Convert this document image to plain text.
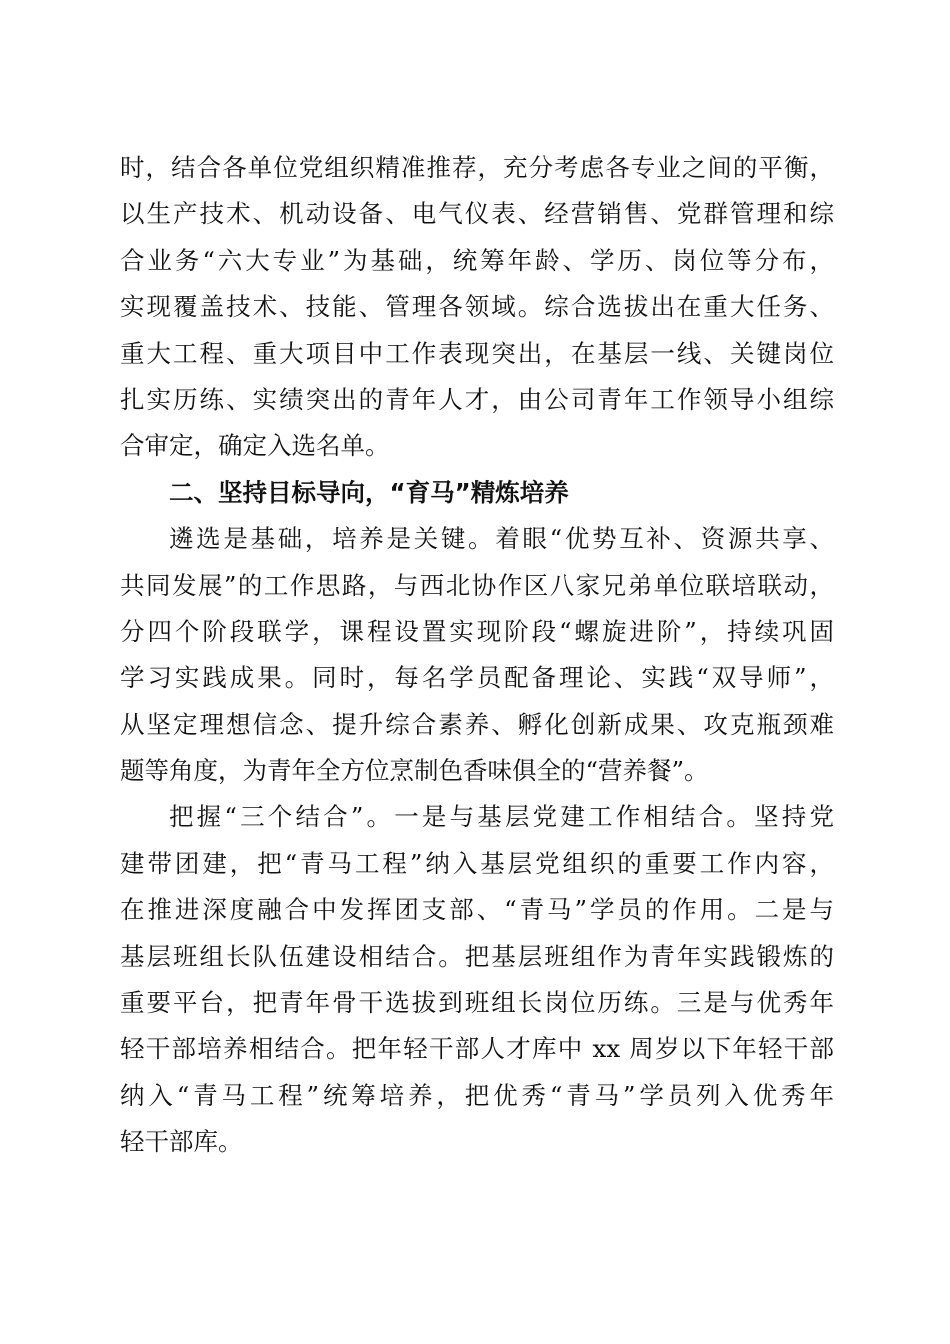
时，结合各单位党组织精准推荐，充分考虑各专业之间的平衡，
以生产技术、机动设备、电气仪表、经营销售、党群管理和综
合业务“六大专业”为基础，统筹年龄、学历、岗位等分布，
实现覆盖技术、技能、管理各领域。综合选拔出在重大任务、
重大工程、重大项目中工作表现突出，在基层一线、关键岗位
扎实历练、实绩突出的青年人才，由公司青年工作领导小组综
合审定，确定入选名单。
二、坚持目标导向，“育马”精炼培养
遴选是基础，培养是关键。着眼“优势互补、资源共享、
共同发展”的工作思路，与西北协作区八家兄弟单位联培联动，
分四个阶段联学，课程设置实现阶段“螺旋进阶”，持续巩固
学习实践成果。同时，每名学员配备理论、实践“双导师”，
从坚定理想信念、提升综合素养、孵化创新成果、攻克瓶颈难
题等角度，为青年全方位烹制色香味俱全的“营养餐”。
把握“三个结合”。一是与基层党建工作相结合。坚持党
建带团建，把“青马工程”纳入基层党组织的重要工作内容，
在推进深度融合中发挥团支部、“青马”学员的作用。二是与
基层班组长队伍建设相结合。把基层班组作为青年实践锻炼的
重要平台，把青年骨干选拔到班组长岗位历练。三是与优秀年
轻干部培养相结合。把年轻干部人才库中 xx 周岁以下年轻干部
纳入“青马工程”统筹培养，把优秀“青马”学员列入优秀年
轻干部库。
